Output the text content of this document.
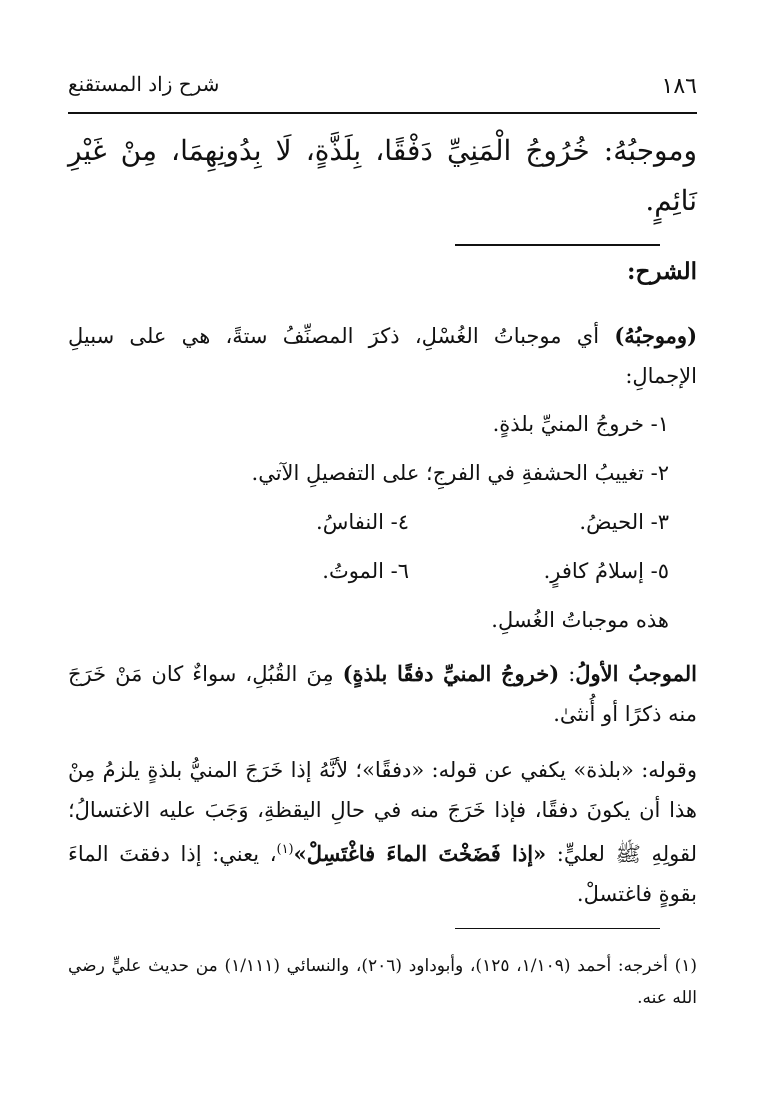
شرح زاد المستقنع	١٨٦
وموجبُهُ: خُرُوجُ الْمَنِيِّ دَفْقًا، بِلَذَّةٍ، لَا بِدُونِهِمَا، مِنْ غَيْرِ نَائِمٍ.
الشرح:
(وموجبُهُ) أي موجباتُ الغُسْلِ، ذكرَ المصنِّفُ ستةً، هي على سبيلِ الإجمالِ:
١- خروجُ المنيِّ بلذةٍ.
٢- تغييبُ الحشفةِ في الفرجِ؛ على التفصيلِ الآتي.
٣- الحيضُ.
٤- النفاسُ.
٥- إسلامُ كافرٍ.
٦- الموتُ.
هذه موجباتُ الغُسلِ.
الموجبُ الأولُ: (خروجُ المنيِّ دفقًا بلذةٍ) مِنَ القُبُلِ، سواءٌ كان مَنْ خَرَجَ منه ذكرًا أو أُنثىٰ.
وقوله: «بلذة» يكفي عن قوله: «دفقًا»؛ لأنَّهُ إذا خَرَجَ المنيُّ بلذةٍ يلزمُ مِنْ هذا أن يكونَ دفقًا، فإذا خَرَجَ منه في حالِ اليقظةِ، وَجَبَ عليه الاغتسالُ؛ لقولِهِ ﷺ لعليٍّ: «إذا فَضَخْتَ الماءَ فاغْتَسِلْ»$^{(١)}$، يعني: إذا دفقتَ الماءَ بقوةٍ فاغتسلْ.
(١) أخرجه: أحمد (١/١٠٩، ١٢٥)، وأبوداود (٢٠٦)، والنسائي (١/١١١) من حديث عليٍّ رضي الله عنه.
